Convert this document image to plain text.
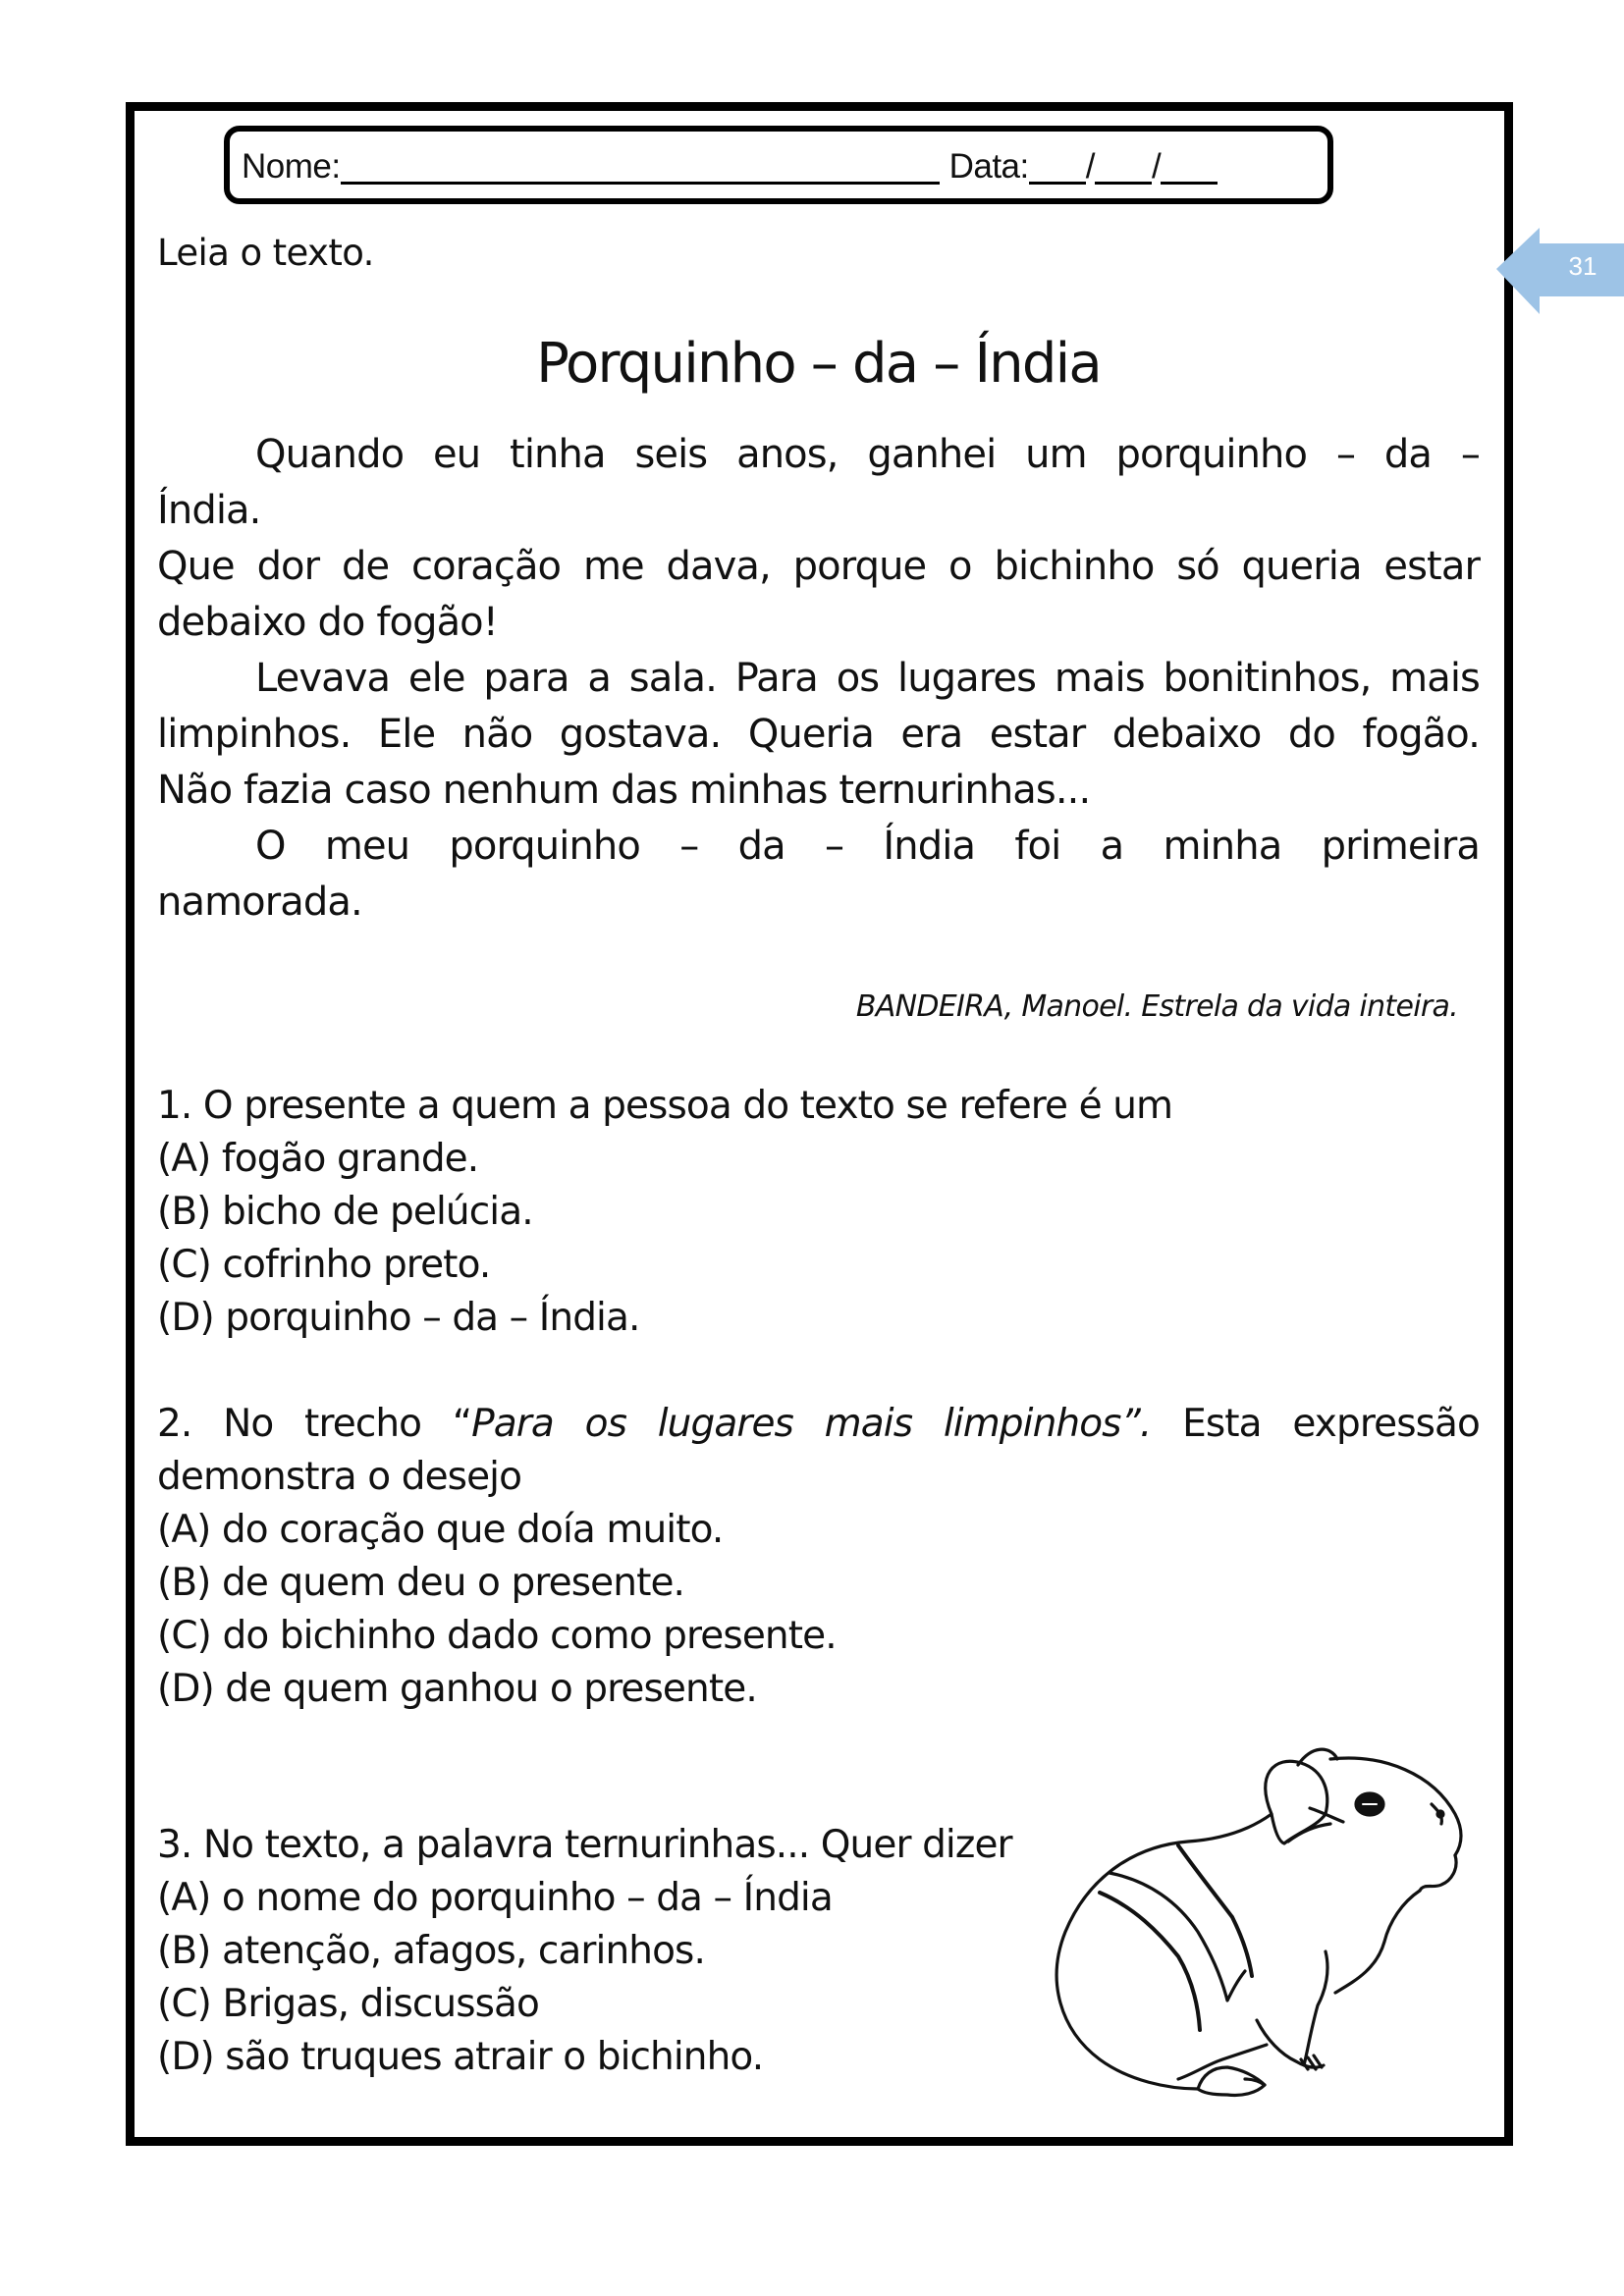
Nome:	Data: / /
31
Leia o texto.
Porquinho – da – Índia
Quando eu tinha seis anos, ganhei um porquinho – da –
Índia.
Que dor de coração me dava, porque o bichinho só queria estar
debaixo do fogão!
Levava ele para a sala. Para os lugares mais bonitinhos, mais
limpinhos. Ele não gostava. Queria era estar debaixo do fogão.
Não fazia caso nenhum das minhas ternurinhas...
O meu porquinho – da – Índia foi a minha primeira
namorada.
BANDEIRA, Manoel. Estrela da vida inteira.
1. O presente a quem a pessoa do texto se refere é um
(A) fogão grande.
(B) bicho de pelúcia.
(C) cofrinho preto.
(D) porquinho – da – Índia.
2. No trecho “Para os lugares mais limpinhos”. Esta expressão
demonstra o desejo
(A) do coração que doía muito.
(B) de quem deu o presente.
(C) do bichinho dado como presente.
(D) de quem ganhou o presente.
3. No texto, a palavra ternurinhas... Quer dizer
(A) o nome do porquinho – da – Índia
(B) atenção, afagos, carinhos.
(C) Brigas, discussão
(D) são truques atrair o bichinho.
